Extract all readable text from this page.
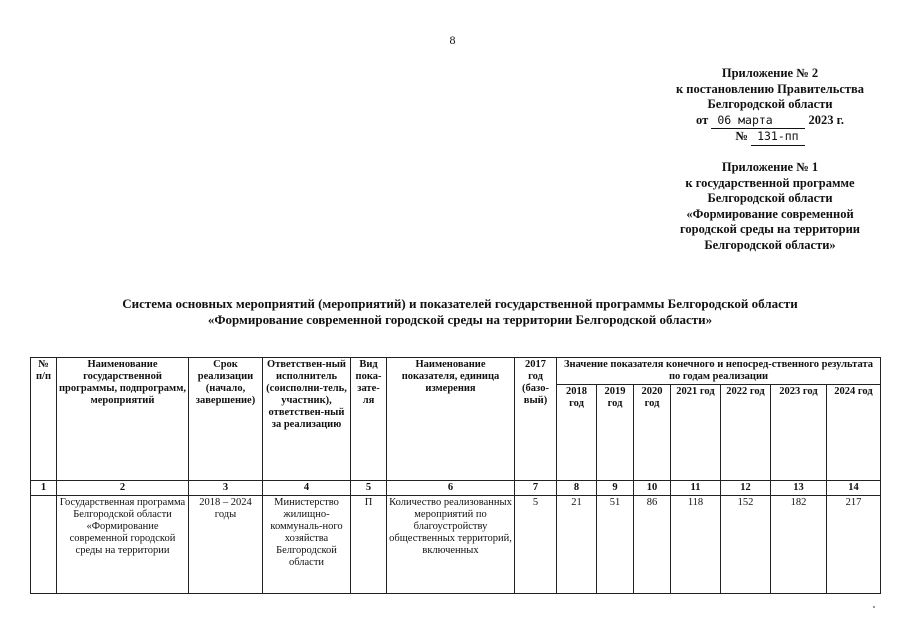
8
Приложение № 2
к постановлению Правительства
Белгородской области
от 06 марта	2023 г.
№ 131-пп
Приложение № 1
к государственной программе
Белгородской области
«Формирование современной
городской среды на территории
Белгородской области»
Система основных мероприятий (мероприятий) и показателей государственной программы Белгородской области
«Формирование современной городской среды на территории Белгородской области»
№ п/п	Наименование государственной программы, подпрограмм, мероприятий	Срок реализации (начало, завершение)	Ответствен-ный исполнитель (соисполни-тель, участник), ответствен-ный за реализацию	Вид пока-зате-ля	Наименование показателя, единица измерения	2017 год (базо-вый)	Значение показателя конечного и непосред-ственного результата по годам реализации						
							2018 год	2019 год	2020 год	2021 год	2022 год	2023 год	2024 год
1	2	3	4	5	6	7	8	9	10	11	12	13	14
	Государственная программа Белгородской области «Формирование современной городской среды на территории	2018 – 2024 годы	Министерство жилищно-коммуналь-ного хозяйства Белгородской области	П	Количество реализованных мероприятий по благоустройству общественных территорий, включенных	5	21	51	86	118	152	182	217
